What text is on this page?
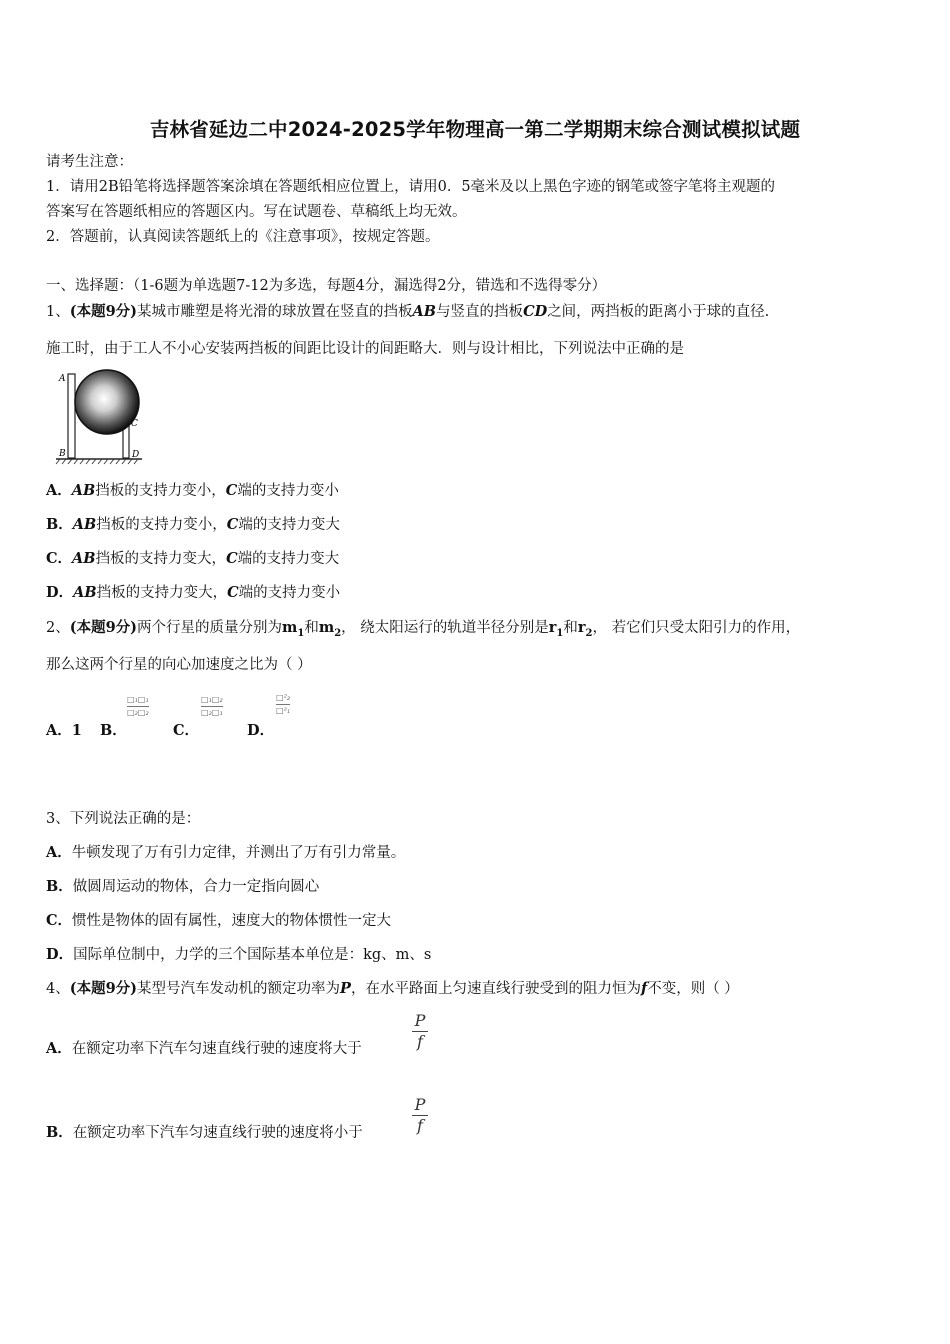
吉林省延边二中2024-2025学年物理高一第二学期期末综合测试模拟试题
请考生注意：
1．请用2B铅笔将选择题答案涂填在答题纸相应位置上，请用0．5毫米及以上黑色字迹的钢笔或签字笔将主观题的
答案写在答题纸相应的答题区内。写在试题卷、草稿纸上均无效。
2．答题前，认真阅读答题纸上的《注意事项》，按规定答题。
一、选择题：（1-6题为单选题7-12为多选，每题4分，漏选得2分，错选和不选得零分）
1、(本题9分)某城市雕塑是将光滑的球放置在竖直的挡板AB与竖直的挡板CD之间，两挡板的距离小于球的直径.
施工时，由于工人不小心安装两挡板的间距比设计的间距略大．则与设计相比，下列说法中正确的是
A
B
C
D
A．AB挡板的支持力变小，C端的支持力变小
B．AB挡板的支持力变小，C端的支持力变大
C．AB挡板的支持力变大，C端的支持力变大
D．AB挡板的支持力变大，C端的支持力变小
2、(本题9分)两个行星的质量分别为$m_1$和$m_2$， 绕太阳运行的轨道半径分别是$r_1$和$r_2$， 若它们只受太阳引力的作用，
那么这两个行星的向心加速度之比为（ ）
A．1 B．
□₁□₁
□₂□₂
C．
□₁□₂
□₂□₁
D．
□²₂
□²₁
3、下列说法正确的是：
A．牛顿发现了万有引力定律，并测出了万有引力常量。
B．做圆周运动的物体，合力一定指向圆心
C．惯性是物体的固有属性，速度大的物体惯性一定大
D．国际单位制中，力学的三个国际基本单位是：kg、m、s
4、(本题9分)某型号汽车发动机的额定功率为P，在水平路面上匀速直线行驶受到的阻力恒为f不变，则（ ）
A．在额定功率下汽车匀速直线行驶的速度将大于
P
f
B．在额定功率下汽车匀速直线行驶的速度将小于
P
f
